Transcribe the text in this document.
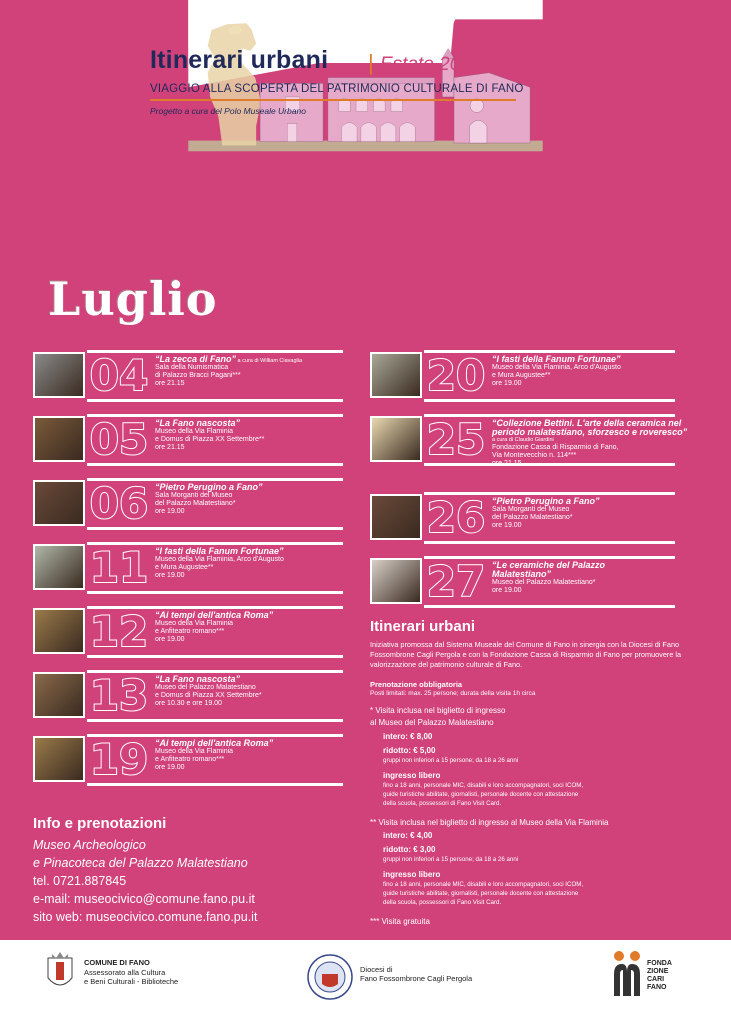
Itinerari urbani | Estate 2025
VIAGGIO ALLA SCOPERTA DEL PATRIMONIO CULTURALE DI FANO
Progetto a cura del Polo Museale Urbano
Luglio
04 “La zecca di Fano” a cura di William Ciavaglia
Sala della Numismatica
di Palazzo Bracci Pagani***
ore 21.15
05 “La Fano nascosta”
Museo della Via Flaminia
e Domus di Piazza XX Settembre**
ore 21.15
06 “Pietro Perugino a Fano”
Sala Morganti del Museo
del Palazzo Malatestiano*
ore 19.00
11 “I fasti della Fanum Fortunae”
Museo della Via Flaminia, Arco d'Augusto
e Mura Augustee**
ore 19.00
12 “Ai tempi dell'antica Roma”
Museo della Via Flaminia
e Anfiteatro romano***
ore 19.00
13 “La Fano nascosta”
Museo del Palazzo Malatestiano
e Domus di Piazza XX Settembre*
ore 10.30 e ore 19.00
19 “Ai tempi dell'antica Roma”
Museo della Via Flaminia
e Anfiteatro romano***
ore 19.00
20 “I fasti della Fanum Fortunae”
Museo della Via Flaminia, Arco d'Augusto
e Mura Augustee**
ore 19.00
25 “Collezione Bettini. L'arte della ceramica nel
periodo malatestiano, sforzesco e roveresco”
a cura di Claudio Giardini
Fondazione Cassa di Risparmio di Fano,
Via Montevecchio n. 114***
ore 21.15
26 “Pietro Perugino a Fano”
Sala Morganti del Museo
del Palazzo Malatestiano*
ore 19.00
27 “Le ceramiche del Palazzo
Malatestiano”
Museo del Palazzo Malatestiano*
ore 19.00
Itinerari urbani
Iniziativa promossa dal Sistema Museale del Comune di Fano in sinergia con la Diocesi di Fano Fossombrone Cagli Pergola e con la Fondazione Cassa di Risparmio di Fano per promuovere la valorizzazione del patrimonio culturale di Fano.
Prenotazione obbligatoria
Posti limitati: max. 25 persone; durata della visita 1h circa
* Visita inclusa nel biglietto di ingresso
al Museo del Palazzo Malatestiano
intero: € 8,00
ridotto: € 5,00
gruppi non inferiori a 15 persone; da 18 a 26 anni
ingresso libero
fino a 18 anni, personale MIC, disabili e loro accompagnatori, soci ICOM,
guide turistiche abilitate, giornalisti, personale docente con attestazione
della scuola, possessori di Fano Visit Card.
** Visita inclusa nel biglietto di ingresso al Museo della Via Flaminia
intero: € 4,00
ridotto: € 3,00
gruppi non inferiori a 15 persone; da 18 a 26 anni
ingresso libero
fino a 18 anni, personale MIC, disabili e loro accompagnatori, soci ICOM,
guide turistiche abilitate, giornalisti, personale docente con attestazione
della scuola, possessori di Fano Visit Card.
*** Visita gratuita
Info e prenotazioni
Museo Archeologico
e Pinacoteca del Palazzo Malatestiano
tel. 0721.887845
e-mail: museocivico@comune.fano.pu.it
sito web: museocivico.comune.fano.pu.it
COMUNE DI FANO
Assessorato alla Cultura
e Beni Culturali - Biblioteche
Diocesi di
Fano Fossombrone Cagli Pergola
FONDA
ZIONE
CARI
FANO
